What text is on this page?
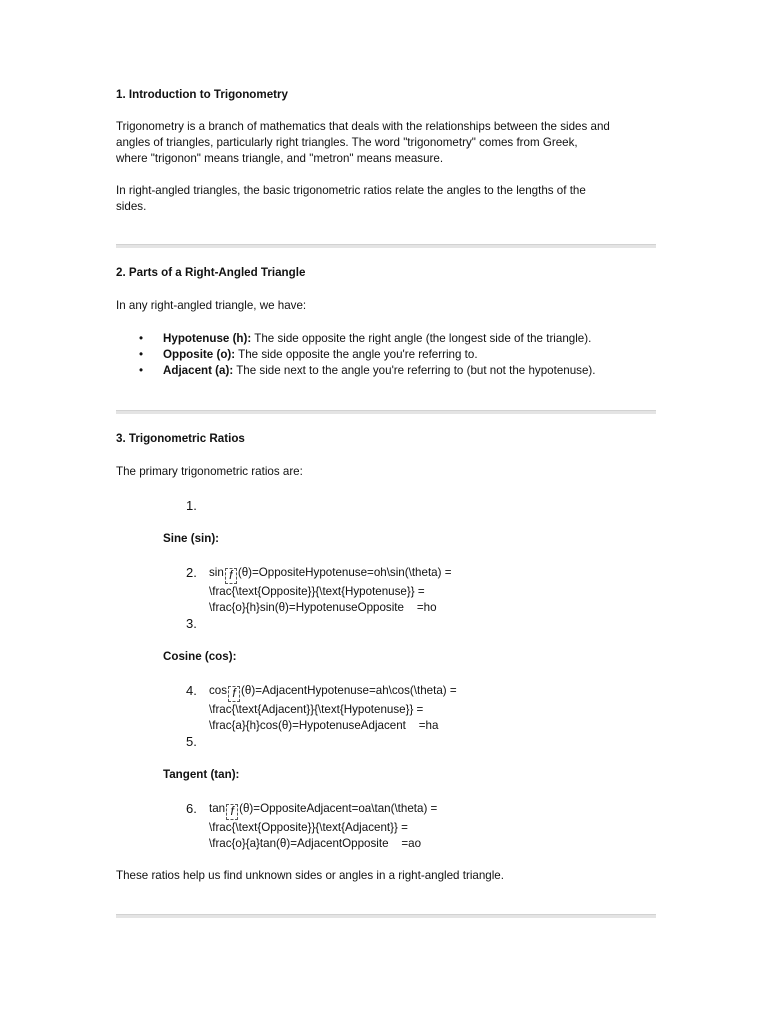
1. Introduction to Trigonometry

Trigonometry is a branch of mathematics that deals with the relationships between the sides and

angles of triangles, particularly right triangles. The word "trigonometry" comes from Greek,

where "trigonon" means triangle, and "metron" means measure.

In right-angled triangles, the basic trigonometric ratios relate the angles to the lengths of the

sides.

2. Parts of a Right-Angled Triangle

In any right-angled triangle, we have:

• Hypotenuse (h): The side opposite the right angle (the longest side of the triangle).
• Opposite (o): The side opposite the angle you're referring to.
• Adjacent (a): The side next to the angle you're referring to (but not the hypotenuse).

3. Trigonometric Ratios

The primary trigonometric ratios are:

1.

Sine (sin):
2. sin f (θ)=OppositeHypotenuse=oh\sin(\theta) =
\frac{\text{Opposite}}{\text{Hypotenuse}} =
\frac{o}{h}sin(θ)=HypotenuseOpposite    =ho
3.

Cosine (cos):
4. cos f (θ)=AdjacentHypotenuse=ah\cos(\theta) =
\frac{\text{Adjacent}}{\text{Hypotenuse}} =
\frac{a}{h}cos(θ)=HypotenuseAdjacent    =ha
5.

Tangent (tan):
6. tan f (θ)=OppositeAdjacent=oa\tan(\theta) =
\frac{\text{Opposite}}{\text{Adjacent}} =
\frac{o}{a}tan(θ)=AdjacentOpposite    =ao

These ratios help us find unknown sides or angles in a right-angled triangle.
